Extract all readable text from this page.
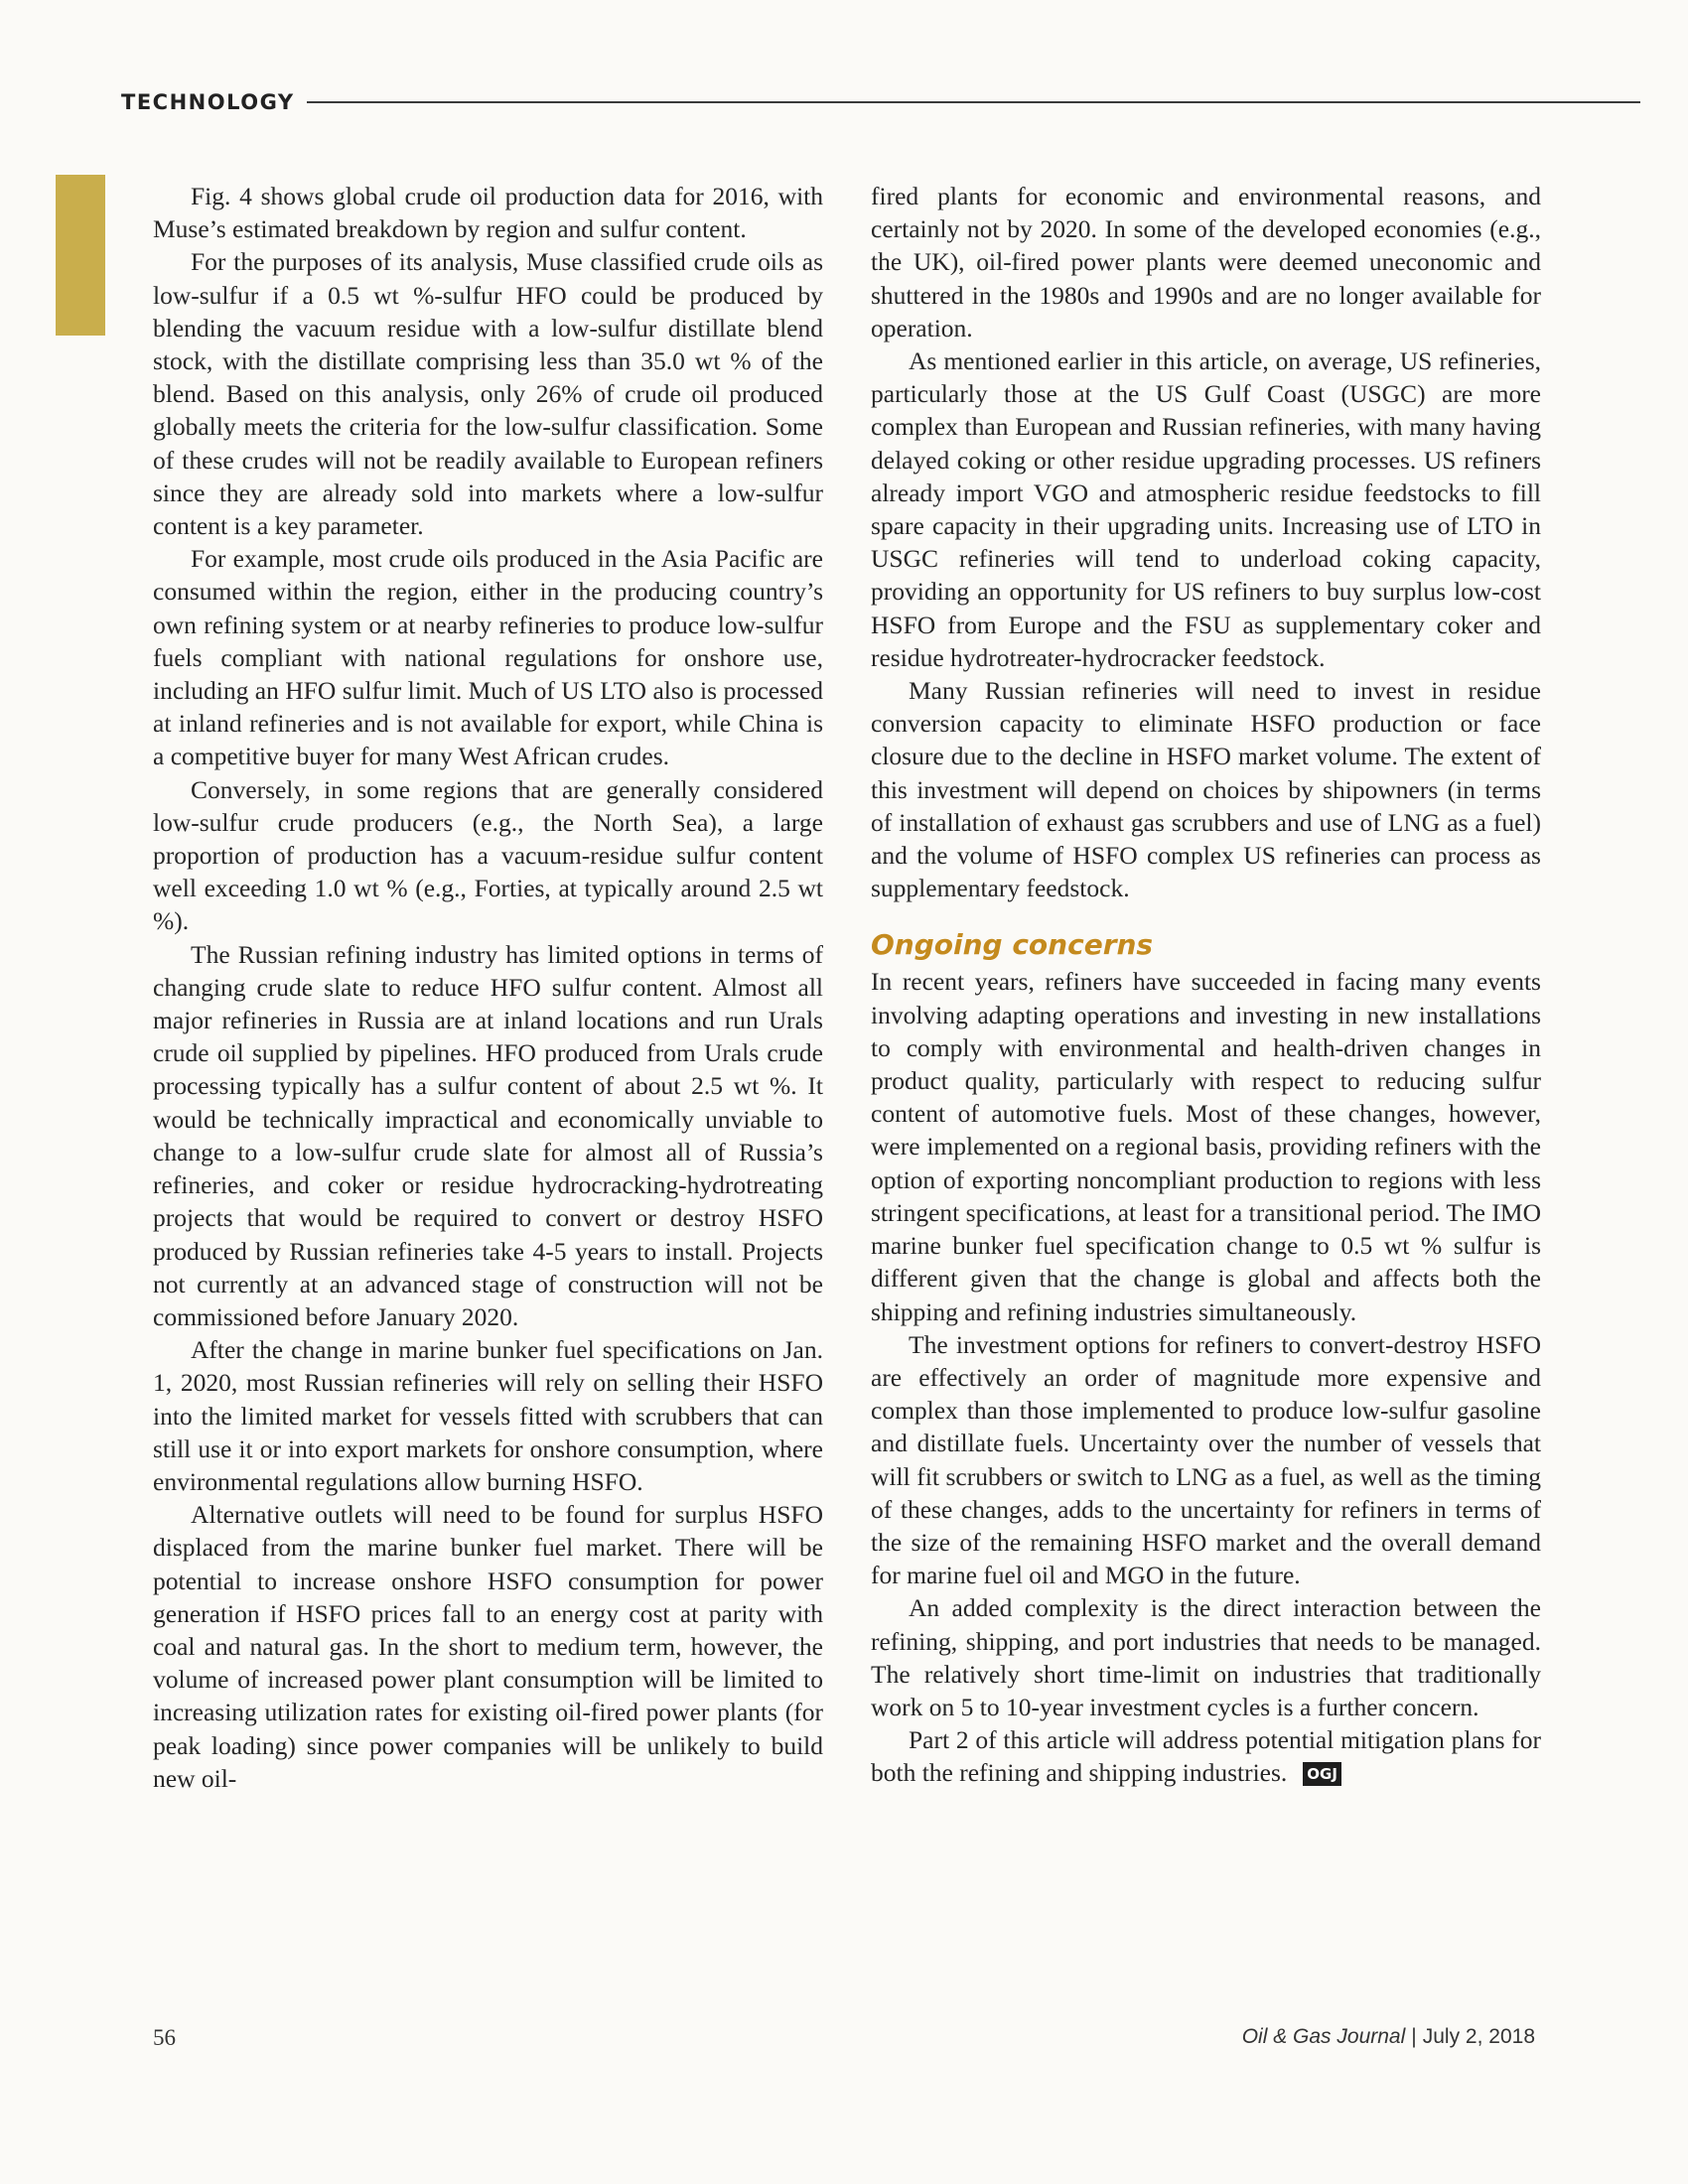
TECHNOLOGY

Fig. 4 shows global crude oil production data for 2016, with Muse’s estimated breakdown by region and sulfur content.

For the purposes of its analysis, Muse classified crude oils as low-sulfur if a 0.5 wt %-sulfur HFO could be produced by blending the vacuum residue with a low-sulfur distillate blend stock, with the distillate comprising less than 35.0 wt % of the blend. Based on this analysis, only 26% of crude oil produced globally meets the criteria for the low-sulfur classification. Some of these crudes will not be readily available to European refiners since they are already sold into markets where a low-sulfur content is a key parameter.

For example, most crude oils produced in the Asia Pacific are consumed within the region, either in the producing country’s own refining system or at nearby refineries to produce low-sulfur fuels compliant with national regulations for onshore use, including an HFO sulfur limit. Much of US LTO also is processed at inland refineries and is not available for export, while China is a competitive buyer for many West African crudes.

Conversely, in some regions that are generally considered low-sulfur crude producers (e.g., the North Sea), a large proportion of production has a vacuum-residue sulfur content well exceeding 1.0 wt % (e.g., Forties, at typically around 2.5 wt %).

The Russian refining industry has limited options in terms of changing crude slate to reduce HFO sulfur content. Almost all major refineries in Russia are at inland locations and run Urals crude oil supplied by pipelines. HFO produced from Urals crude processing typically has a sulfur content of about 2.5 wt %. It would be technically impractical and economically unviable to change to a low-sulfur crude slate for almost all of Russia’s refineries, and coker or residue hydrocracking-hydrotreating projects that would be required to convert or destroy HSFO produced by Russian refineries take 4-5 years to install. Projects not currently at an advanced stage of construction will not be commissioned before January 2020.

After the change in marine bunker fuel specifications on Jan. 1, 2020, most Russian refineries will rely on selling their HSFO into the limited market for vessels fitted with scrubbers that can still use it or into export markets for onshore consumption, where environmental regulations allow burning HSFO.

Alternative outlets will need to be found for surplus HSFO displaced from the marine bunker fuel market. There will be potential to increase onshore HSFO consumption for power generation if HSFO prices fall to an energy cost at parity with coal and natural gas. In the short to medium term, however, the volume of increased power plant consumption will be limited to increasing utilization rates for existing oil-fired power plants (for peak loading) since power companies will be unlikely to build new oil-

fired plants for economic and environmental reasons, and certainly not by 2020. In some of the developed economies (e.g., the UK), oil-fired power plants were deemed uneconomic and shuttered in the 1980s and 1990s and are no longer available for operation.

As mentioned earlier in this article, on average, US refineries, particularly those at the US Gulf Coast (USGC) are more complex than European and Russian refineries, with many having delayed coking or other residue upgrading processes. US refiners already import VGO and atmospheric residue feedstocks to fill spare capacity in their upgrading units. Increasing use of LTO in USGC refineries will tend to underload coking capacity, providing an opportunity for US refiners to buy surplus low-cost HSFO from Europe and the FSU as supplementary coker and residue hydrotreater-hydrocracker feedstock.

Many Russian refineries will need to invest in residue conversion capacity to eliminate HSFO production or face closure due to the decline in HSFO market volume. The extent of this investment will depend on choices by shipowners (in terms of installation of exhaust gas scrubbers and use of LNG as a fuel) and the volume of HSFO complex US refineries can process as supplementary feedstock.

Ongoing concerns

In recent years, refiners have succeeded in facing many events involving adapting operations and investing in new installations to comply with environmental and health-driven changes in product quality, particularly with respect to reducing sulfur content of automotive fuels. Most of these changes, however, were implemented on a regional basis, providing refiners with the option of exporting noncompliant production to regions with less stringent specifications, at least for a transitional period. The IMO marine bunker fuel specification change to 0.5 wt % sulfur is different given that the change is global and affects both the shipping and refining industries simultaneously.

The investment options for refiners to convert-destroy HSFO are effectively an order of magnitude more expensive and complex than those implemented to produce low-sulfur gasoline and distillate fuels. Uncertainty over the number of vessels that will fit scrubbers or switch to LNG as a fuel, as well as the timing of these changes, adds to the uncertainty for refiners in terms of the size of the remaining HSFO market and the overall demand for marine fuel oil and MGO in the future.

An added complexity is the direct interaction between the refining, shipping, and port industries that needs to be managed. The relatively short time-limit on industries that traditionally work on 5 to 10-year investment cycles is a further concern.

Part 2 of this article will address potential mitigation plans for both the refining and shipping industries. OGJ

56	Oil & Gas Journal | July 2, 2018
